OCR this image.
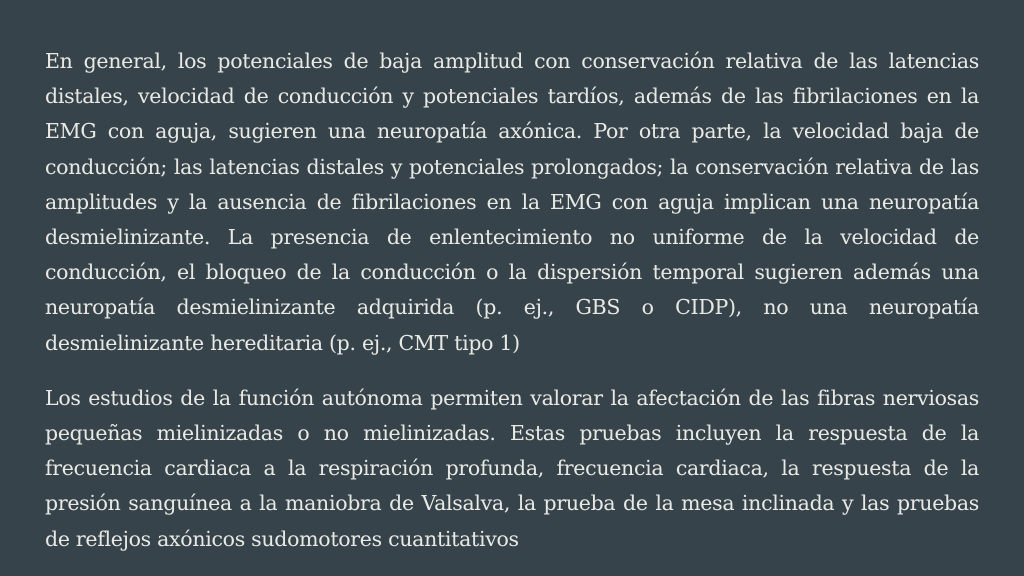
En general, los potenciales de baja amplitud con conservación relativa de las latencias distales, velocidad de conducción y potenciales tardíos, además de las fibrilaciones en la EMG con aguja, sugieren una neuropatía axónica. Por otra parte, la velocidad baja de conducción; las latencias distales y potenciales prolongados; la conservación relativa de las amplitudes y la ausencia de fibrilaciones en la EMG con aguja implican una neuropatía desmielinizante. La presencia de enlentecimiento no uniforme de la velocidad de conducción, el bloqueo de la conducción o la dispersión temporal sugieren además una neuropatía desmielinizante adquirida (p. ej., GBS o CIDP), no una neuropatía desmielinizante hereditaria (p. ej., CMT tipo 1)

Los estudios de la función autónoma permiten valorar la afectación de las fibras nerviosas pequeñas mielinizadas o no mielinizadas. Estas pruebas incluyen la respuesta de la frecuencia cardiaca a la respiración profunda, frecuencia cardiaca, la respuesta de la presión sanguínea a la maniobra de Valsalva, la prueba de la mesa inclinada y las pruebas de reflejos axónicos sudomotores cuantitativos
